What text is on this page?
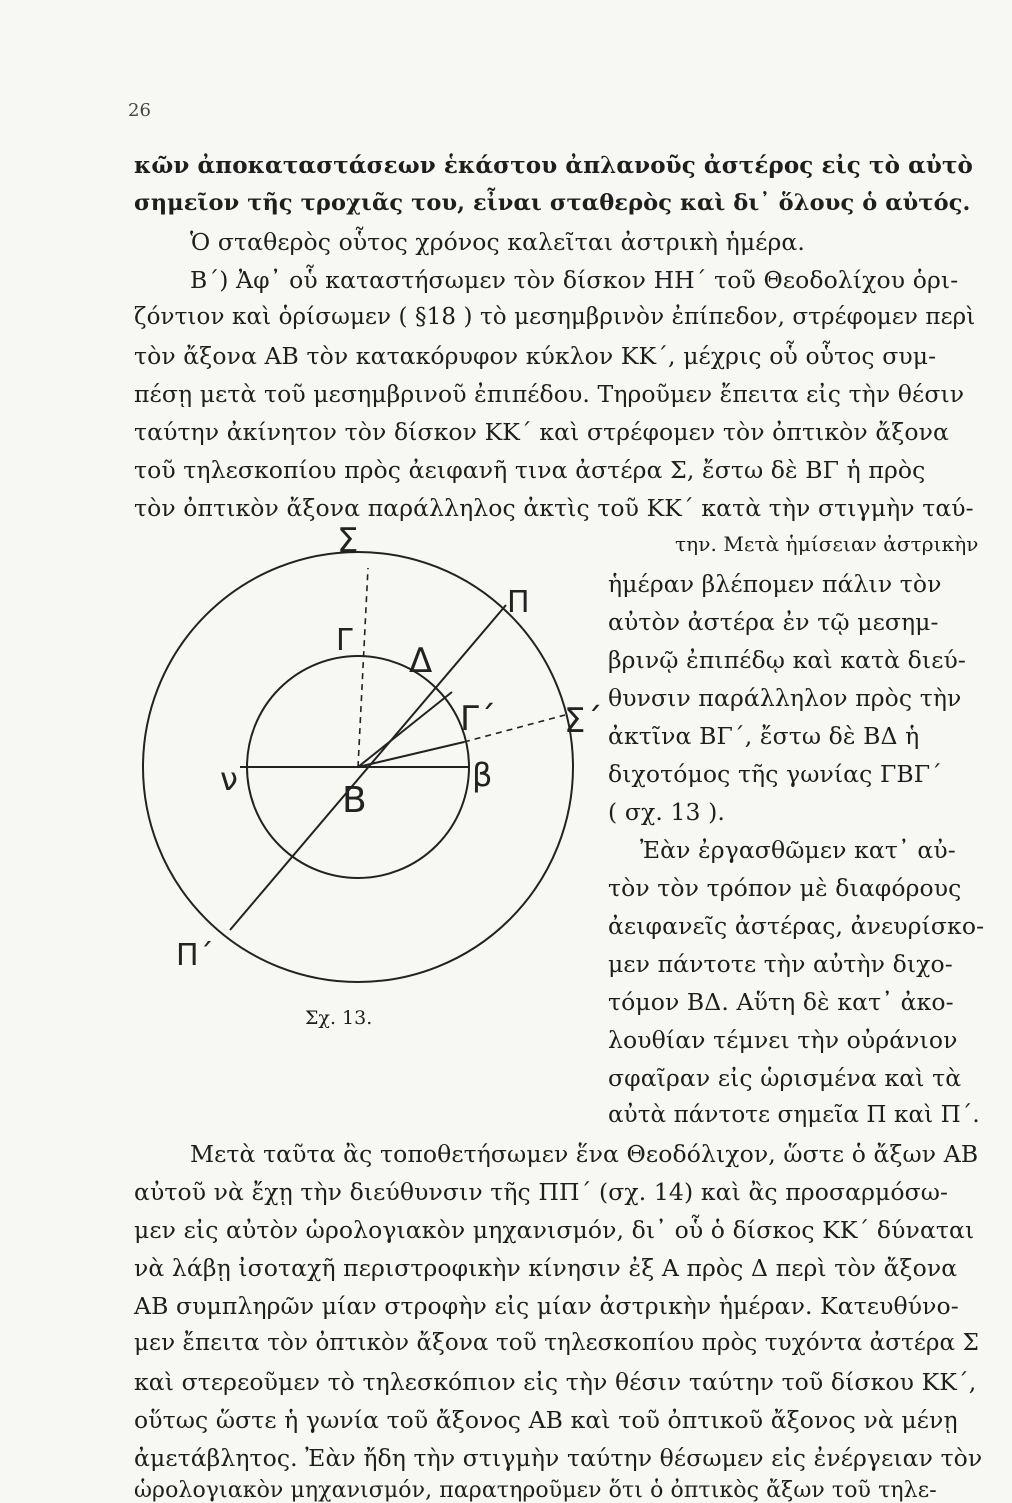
26
κῶν ἀποκαταστάσεων ἑκάστου ἀπλανοῦς ἀστέρος εἰς τὸ αὐτὸ
σημεῖον τῆς τροχιᾶς του, εἶναι σταθερὸς καὶ δι᾽ ὅλους ὁ αὐτός.
Ὁ σταθερὸς οὗτος χρόνος καλεῖται ἀστρικὴ ἡμέρα.
Β΄) Ἀφ᾽ οὗ καταστήσωμεν τὸν δίσκον ΗΗ΄ τοῦ Θεοδολίχου ὁρι-
ζόντιον καὶ ὁρίσωμεν ( §18 ) τὸ μεσημβρινὸν ἐπίπεδον, στρέφομεν περὶ
τὸν ἄξονα ΑΒ τὸν κατακόρυφον κύκλον ΚΚ΄, μέχρις οὗ οὗτος συμ-
πέσῃ μετὰ τοῦ μεσημβρινοῦ ἐπιπέδου. Τηροῦμεν ἔπειτα εἰς τὴν θέσιν
ταύτην ἀκίνητον τὸν δίσκον ΚΚ΄ καὶ στρέφομεν τὸν ὀπτικὸν ἄξονα
τοῦ τηλεσκοπίου πρὸς ἀειφανῆ τινα ἀστέρα Σ, ἔστω δὲ ΒΓ ἡ πρὸς
τὸν ὀπτικὸν ἄξονα παράλληλος ἀκτὶς τοῦ ΚΚ΄ κατὰ τὴν στιγμὴν ταύ-
Σ
Π
Γ
Δ
Γ΄ Σ΄
β
ν
Β
Π΄
Σχ. 13.
την. Μετὰ ἡμίσειαν ἀστρικὴν
ἡμέραν βλέπομεν πάλιν τὸν
αὐτὸν ἀστέρα ἐν τῷ μεσημ-
βρινῷ ἐπιπέδῳ καὶ κατὰ διεύ-
θυνσιν παράλληλον πρὸς τὴν
ἀκτῖνα ΒΓ΄, ἔστω δὲ ΒΔ ἡ
διχοτόμος τῆς γωνίας ΓΒΓ΄
( σχ. 13 ).
Ἐὰν ἐργασθῶμεν κατ᾽ αὐ-
τὸν τὸν τρόπον μὲ διαφόρους
ἀειφανεῖς ἀστέρας, ἀνευρίσκο-
μεν πάντοτε τὴν αὐτὴν διχο-
τόμον ΒΔ. Αὕτη δὲ κατ᾽ ἀκο-
λουθίαν τέμνει τὴν οὐράνιον
σφαῖραν εἰς ὡρισμένα καὶ τὰ
αὐτὰ πάντοτε σημεῖα Π καὶ Π΄.
Μετὰ ταῦτα ἂς τοποθετήσωμεν ἕνα Θεοδόλιχον, ὥστε ὁ ἄξων ΑΒ
αὐτοῦ νὰ ἔχῃ τὴν διεύθυνσιν τῆς ΠΠ΄ (σχ. 14) καὶ ἂς προσαρμόσω-
μεν εἰς αὐτὸν ὡρολογιακὸν μηχανισμόν, δι᾽ οὗ ὁ δίσκος ΚΚ΄ δύναται
νὰ λάβῃ ἰσοταχῆ περιστροφικὴν κίνησιν ἐξ Α πρὸς Δ περὶ τὸν ἄξονα
ΑΒ συμπληρῶν μίαν στροφὴν εἰς μίαν ἀστρικὴν ἡμέραν. Κατευθύνο-
μεν ἔπειτα τὸν ὀπτικὸν ἄξονα τοῦ τηλεσκοπίου πρὸς τυχόντα ἀστέρα Σ
καὶ στερεοῦμεν τὸ τηλεσκόπιον εἰς τὴν θέσιν ταύτην τοῦ δίσκου ΚΚ΄,
οὕτως ὥστε ἡ γωνία τοῦ ἄξονος ΑΒ καὶ τοῦ ὀπτικοῦ ἄξονος νὰ μένῃ
ἀμετάβλητος. Ἐὰν ἤδη τὴν στιγμὴν ταύτην θέσωμεν εἰς ἐνέργειαν τὸν
ὡρολογιακὸν μηχανισμόν, παρατηροῦμεν ὅτι ὁ ὀπτικὸς ἄξων τοῦ τηλε-
